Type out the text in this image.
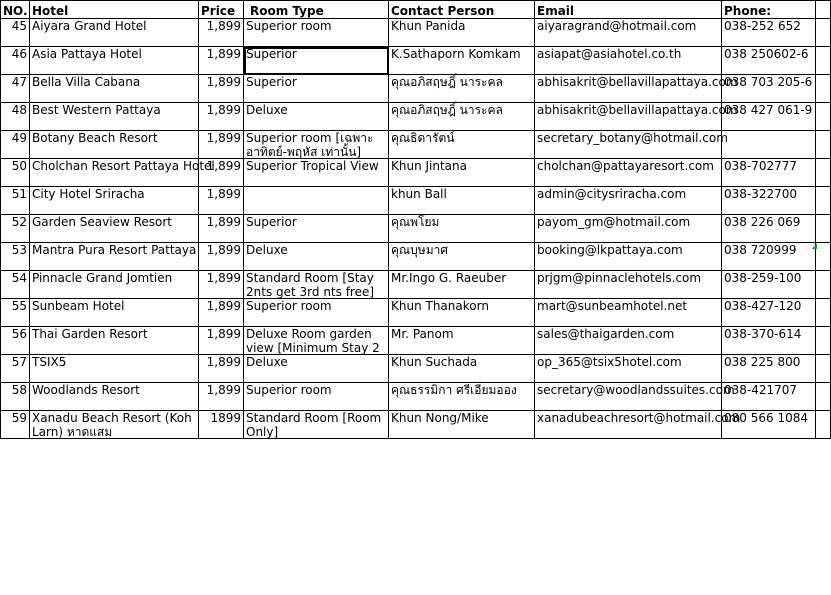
NO.	Hotel	Price	Room Type	Contact Person	Email	Phone:	

45	Aiyara Grand Hotel	1,899	Superior room	Khun Panida	aiyaragrand@hotmail.com	038-252 652	

46	Asia Pattaya Hotel	1,899	Superior	K.Sathaporn Komkam	asiapat@asiahotel.co.th	038 250602-6	

47	Bella Villa Cabana	1,899	Superior	คุณอภิสฤษฎิ์ นาระคล	abhisakrit@bellavillapattaya.com	038 703 205-6	

48	Best Western Pattaya	1,899	Deluxe	คุณอภิสฤษฎิ์ นาระคล	abhisakrit@bellavillapattaya.com	038 427 061-9	

49	Botany Beach Resort	1,899	Superior room [เฉพาะ อาทิตย์-พฤหัส เท่านั้น]	คุณธิดารัตน์	secretary_botany@hotmail.com		

50	Cholchan Resort Pattaya Hotel	1,899	Superior Tropical View	Khun Jintana	cholchan@pattayaresort.com	038-702777	

51	City Hotel Sriracha	1,899		khun Ball	admin@citysriracha.com	038-322700	

52	Garden Seaview Resort	1,899	Superior	คุณพโยม	payom_gm@hotmail.com	038 226 069	

53	Mantra Pura Resort Pattaya	1,899	Deluxe	คุณบุษมาศ	booking@lkpattaya.com	038 720999	

54	Pinnacle Grand Jomtien	1,899	Standard Room [Stay 2nts get 3rd nts free]	Mr.Ingo G. Raeuber	prjgm@pinnaclehotels.com	038-259-100	

55	Sunbeam Hotel	1,899	Superior room	Khun Thanakorn	mart@sunbeamhotel.net	038-427-120	

56	Thai Garden Resort	1,899	Deluxe Room garden view [Minimum Stay 2	Mr. Panom	sales@thaigarden.com	038-370-614	

57	TSIX5	1,899	Deluxe	Khun Suchada	op_365@tsix5hotel.com	038 225 800	

58	Woodlands Resort	1,899	Superior room	คุณธรรมิกา ศรีเอี่ยมออง	secretary@woodlandssuites.com	038-421707	

59	Xanadu Beach Resort (Koh Larn) หาดแสม	1899	Standard Room [Room Only]	Khun Nong/Mike	xanadubeachresort@hotmail.com	080 566 1084	
